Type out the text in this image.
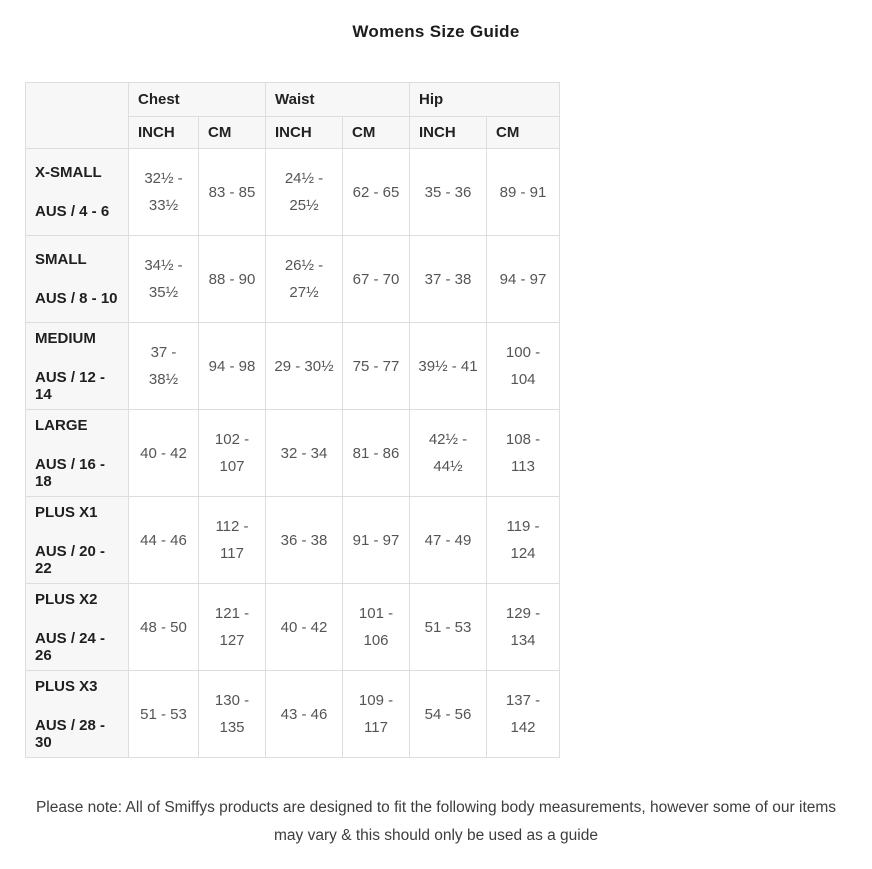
Womens Size Guide
	Chest		Waist		Hip	
	INCH	CM	INCH	CM	INCH	CM

X-SMALL
AUS / 4 - 6	32½ - 33½	83 - 85	24½ - 25½	62 - 65	35 - 36	89 - 91

SMALL
AUS / 8 - 10	34½ - 35½	88 - 90	26½ - 27½	67 - 70	37 - 38	94 - 97

MEDIUM
AUS / 12 - 14	37 - 38½	94 - 98	29 - 30½	75 - 77	39½ - 41	100 - 104

LARGE
AUS / 16 - 18	40 - 42	102 - 107	32 - 34	81 - 86	42½ - 44½	108 - 113

PLUS X1
AUS / 20 - 22	44 - 46	112 - 117	36 - 38	91 - 97	47 - 49	119 - 124

PLUS X2
AUS / 24 - 26	48 - 50	121 - 127	40 - 42	101 - 106	51 - 53	129 - 134

PLUS X3
AUS / 28 - 30	51 - 53	130 - 135	43 - 46	109 - 117	54 - 56	137 - 142
Please note: All of Smiffys products are designed to fit the following body measurements, however some of our items
may vary & this should only be used as a guide
